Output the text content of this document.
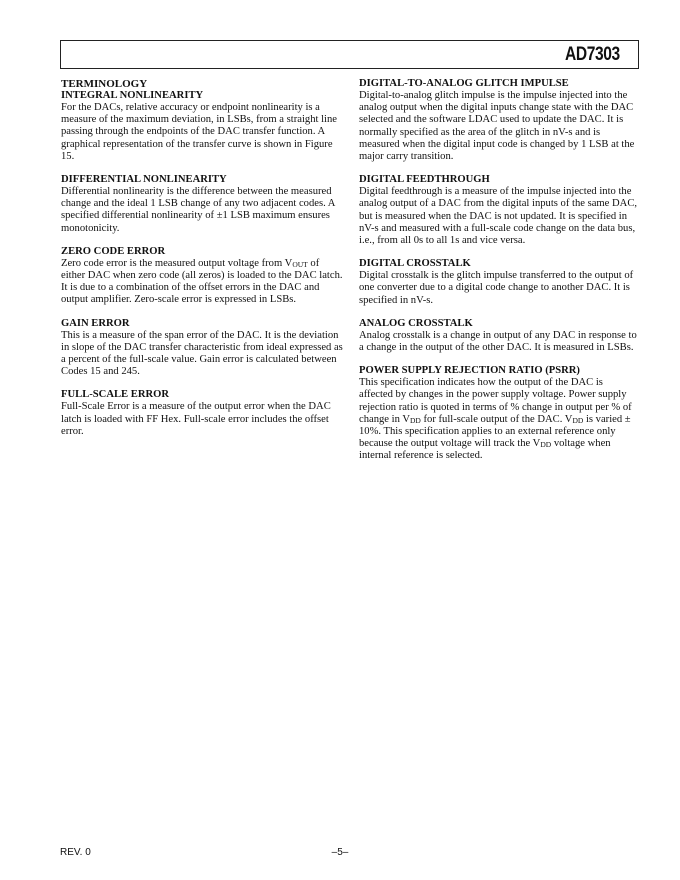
AD7303

TERMINOLOGY

INTEGRAL NONLINEARITY

For the DACs, relative accuracy or endpoint nonlinearity is a measure of the maximum deviation, in LSBs, from a straight line passing through the endpoints of the DAC transfer function. A graphical representation of the transfer curve is shown in Figure 15.

DIFFERENTIAL NONLINEARITY

Differential nonlinearity is the difference between the measured change and the ideal 1 LSB change of any two adjacent codes. A specified differential nonlinearity of ±1 LSB maximum ensures monotonicity.

ZERO CODE ERROR

Zero code error is the measured output voltage from $V_{OUT}$ of either DAC when zero code (all zeros) is loaded to the DAC latch. It is due to a combination of the offset errors in the DAC and output amplifier. Zero-scale error is expressed in LSBs.

GAIN ERROR

This is a measure of the span error of the DAC. It is the deviation in slope of the DAC transfer characteristic from ideal expressed as a percent of the full-scale value. Gain error is calculated between Codes 15 and 245.

FULL-SCALE ERROR

Full-Scale Error is a measure of the output error when the DAC latch is loaded with FF Hex. Full-scale error includes the offset error.

DIGITAL-TO-ANALOG GLITCH IMPULSE

Digital-to-analog glitch impulse is the impulse injected into the analog output when the digital inputs change state with the DAC selected and the software LDAC used to update the DAC. It is normally specified as the area of the glitch in nV-s and is measured when the digital input code is changed by 1 LSB at the major carry transition.

DIGITAL FEEDTHROUGH

Digital feedthrough is a measure of the impulse injected into the analog output of a DAC from the digital inputs of the same DAC, but is measured when the DAC is not updated. It is specified in nV-s and measured with a full-scale code change on the data bus, i.e., from all 0s to all 1s and vice versa.

DIGITAL CROSSTALK

Digital crosstalk is the glitch impulse transferred to the output of one converter due to a digital code change to another DAC. It is specified in nV-s.

ANALOG CROSSTALK

Analog crosstalk is a change in output of any DAC in response to a change in the output of the other DAC. It is measured in LSBs.

POWER SUPPLY REJECTION RATIO (PSRR)

This specification indicates how the output of the DAC is affected by changes in the power supply voltage. Power supply rejection ratio is quoted in terms of % change in output per % of change in $V_{DD}$ for full-scale output of the DAC. $V_{DD}$ is varied ± 10%. This specification applies to an external reference only because the output voltage will track the $V_{DD}$ voltage when internal reference is selected.

REV. 0	–5–
